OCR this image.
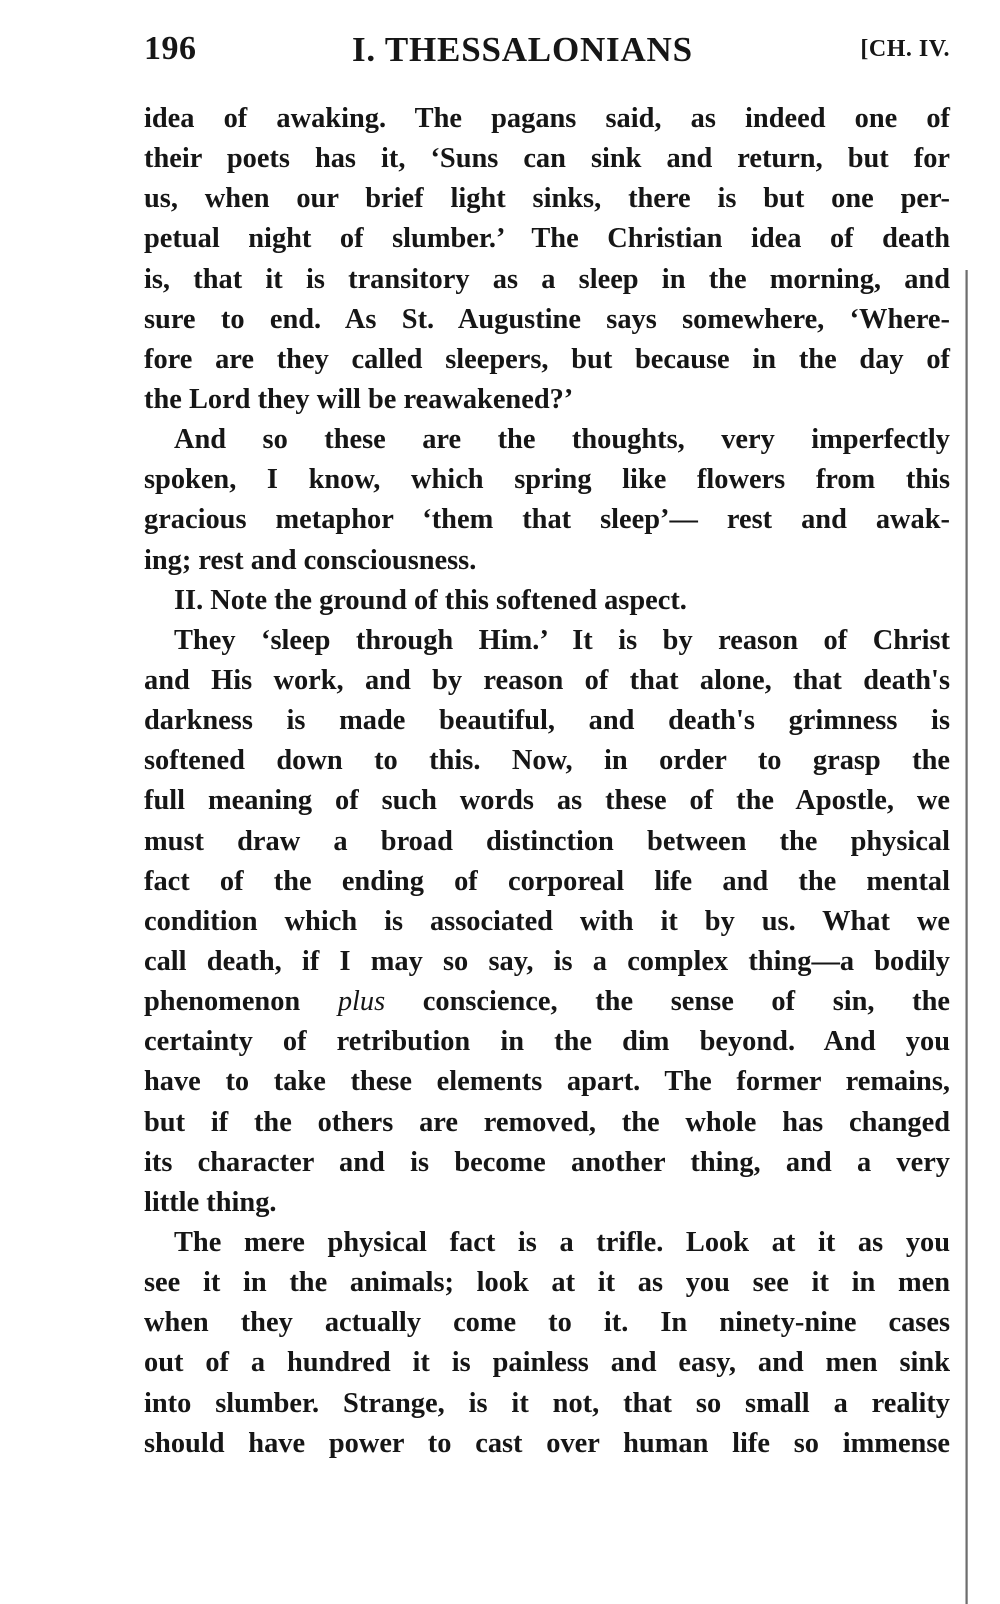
196	I. THESSALONIANS	[CH. IV.
idea of awaking. The pagans said, as indeed one of
their poets has it, ‘Suns can sink and return, but for
us, when our brief light sinks, there is but one per-
petual night of slumber.’ The Christian idea of death
is, that it is transitory as a sleep in the morning, and
sure to end. As St. Augustine says somewhere, ‘Where-
fore are they called sleepers, but because in the day of
the Lord they will be reawakened?’
And so these are the thoughts, very imperfectly
spoken, I know, which spring like flowers from this
gracious metaphor ‘them that sleep’— rest and awak-
ing; rest and consciousness.
II. Note the ground of this softened aspect.
They ‘sleep through Him.’ It is by reason of Christ
and His work, and by reason of that alone, that death's
darkness is made beautiful, and death's grimness is
softened down to this. Now, in order to grasp the
full meaning of such words as these of the Apostle, we
must draw a broad distinction between the physical
fact of the ending of corporeal life and the mental
condition which is associated with it by us. What we
call death, if I may so say, is a complex thing—a bodily
phenomenon plus conscience, the sense of sin, the
certainty of retribution in the dim beyond. And you
have to take these elements apart. The former remains,
but if the others are removed, the whole has changed
its character and is become another thing, and a very
little thing.
The mere physical fact is a trifle. Look at it as you
see it in the animals; look at it as you see it in men
when they actually come to it. In ninety-nine cases
out of a hundred it is painless and easy, and men sink
into slumber. Strange, is it not, that so small a reality
should have power to cast over human life so immense
